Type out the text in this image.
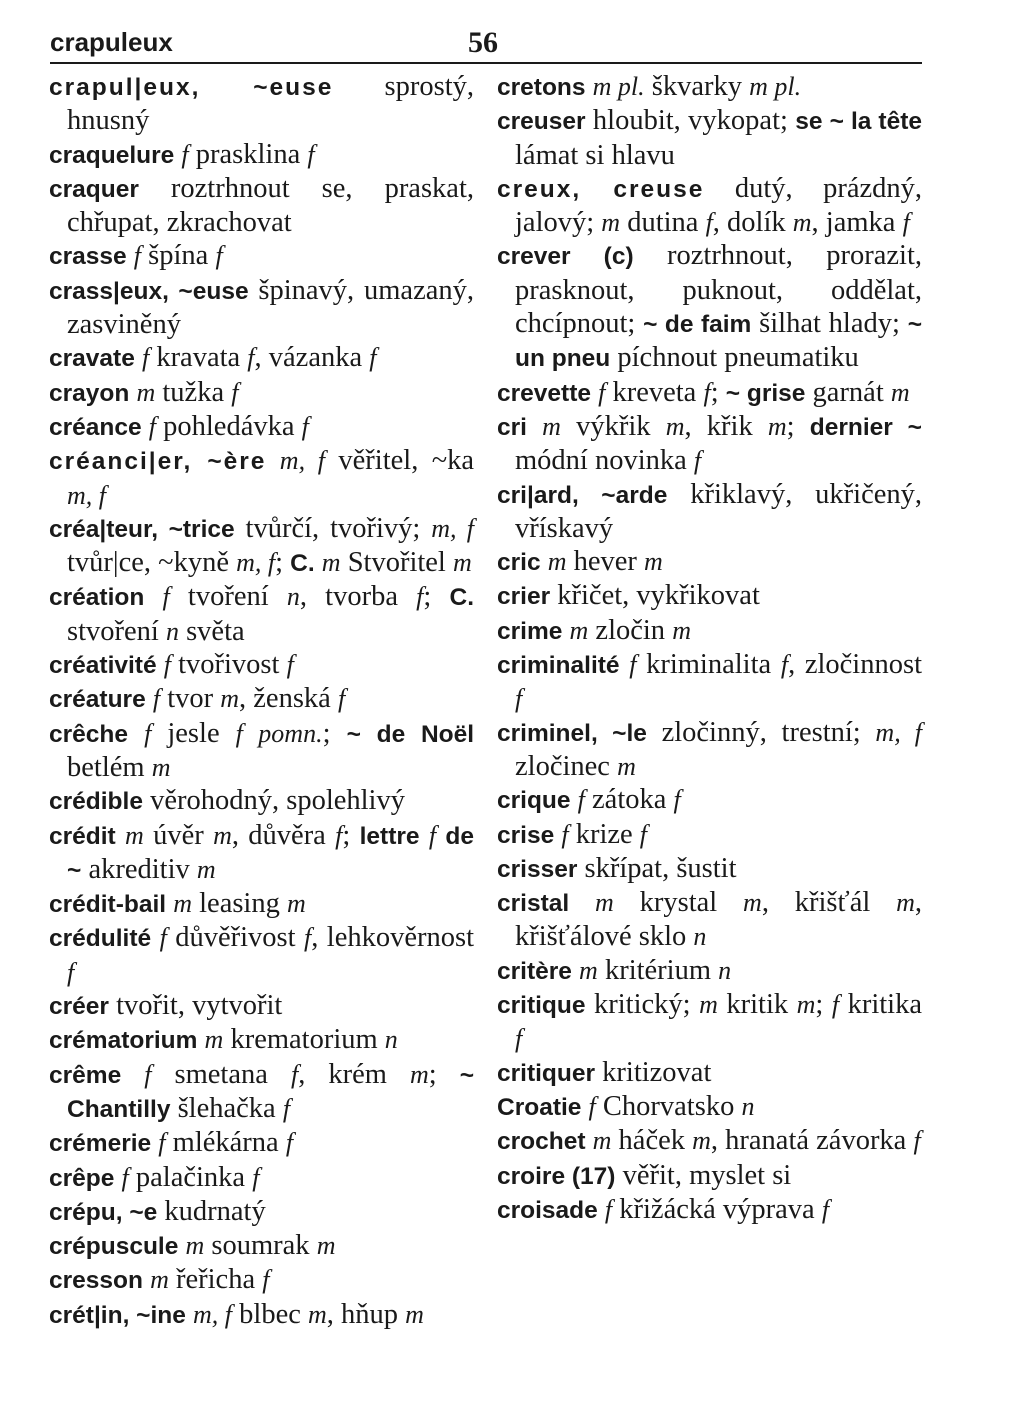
crapuleux	56

crapul|eux, ~euse sprostý, hnusný

craquelure f prasklina f

craquer roztrhnout se, praskat, chřupat, zkrachovat

crasse f špína f

crass|eux, ~euse špinavý, umazaný, zasviněný

cravate f kravata f, vázanka f

crayon m tužka f

créance f pohledávka f

créanci|er, ~ère m, f věřitel, ~ka m, f

créa|teur, ~trice tvůrčí, tvořivý; m, f tvůr|ce, ~kyně m, f; C. m Stvořitel m

création f tvoření n, tvorba f; C. stvoření n světa

créativité f tvořivost f

créature f tvor m, ženská f

crêche f jesle f pomn.; ~ de Noël betlém m

crédible věrohodný, spolehlivý

crédit m úvěr m, důvěra f; lettre f de ~ akreditiv m

crédit-bail m leasing m

crédulité f důvěřivost f, lehkověrnost f

créer tvořit, vytvořit

crématorium m krematorium n

crême f smetana f, krém m; ~ Chantilly šlehačka f

crémerie f mlékárna f

crêpe f palačinka f

crépu, ~e kudrnatý

crépuscule m soumrak m

cresson m řeřicha f

crét|in, ~ine m, f blbec m, hňup m

cretons m pl. škvarky m pl.

creuser hloubit, vykopat; se ~ la tête lámat si hlavu

creux, creuse dutý, prázdný, jalový; m dutina f, dolík m, jamka f

crever (c) roztrhnout, prorazit, prasknout, puknout, oddělat, chcípnout; ~ de faim šilhat hlady; ~ un pneu píchnout pneumatiku

crevette f kreveta f; ~ grise garnát m

cri m výkřik m, křik m; dernier ~ módní novinka f

cri|ard, ~arde křiklavý, ukřičený, vřískavý

cric m hever m

crier křičet, vykřikovat

crime m zločin m

criminalité f kriminalita f, zločinnost f

criminel, ~le zločinný, trestní; m, f zločinec m

crique f zátoka f

crise f krize f

crisser skřípat, šustit

cristal m krystal m, křišťál m, křišťálové sklo n

critère m kritérium n

critique kritický; m kritik m; f kritika f

critiquer kritizovat

Croatie f Chorvatsko n

crochet m háček m, hranatá závorka f

croire (17) věřit, myslet si

croisade f křižácká výprava f
